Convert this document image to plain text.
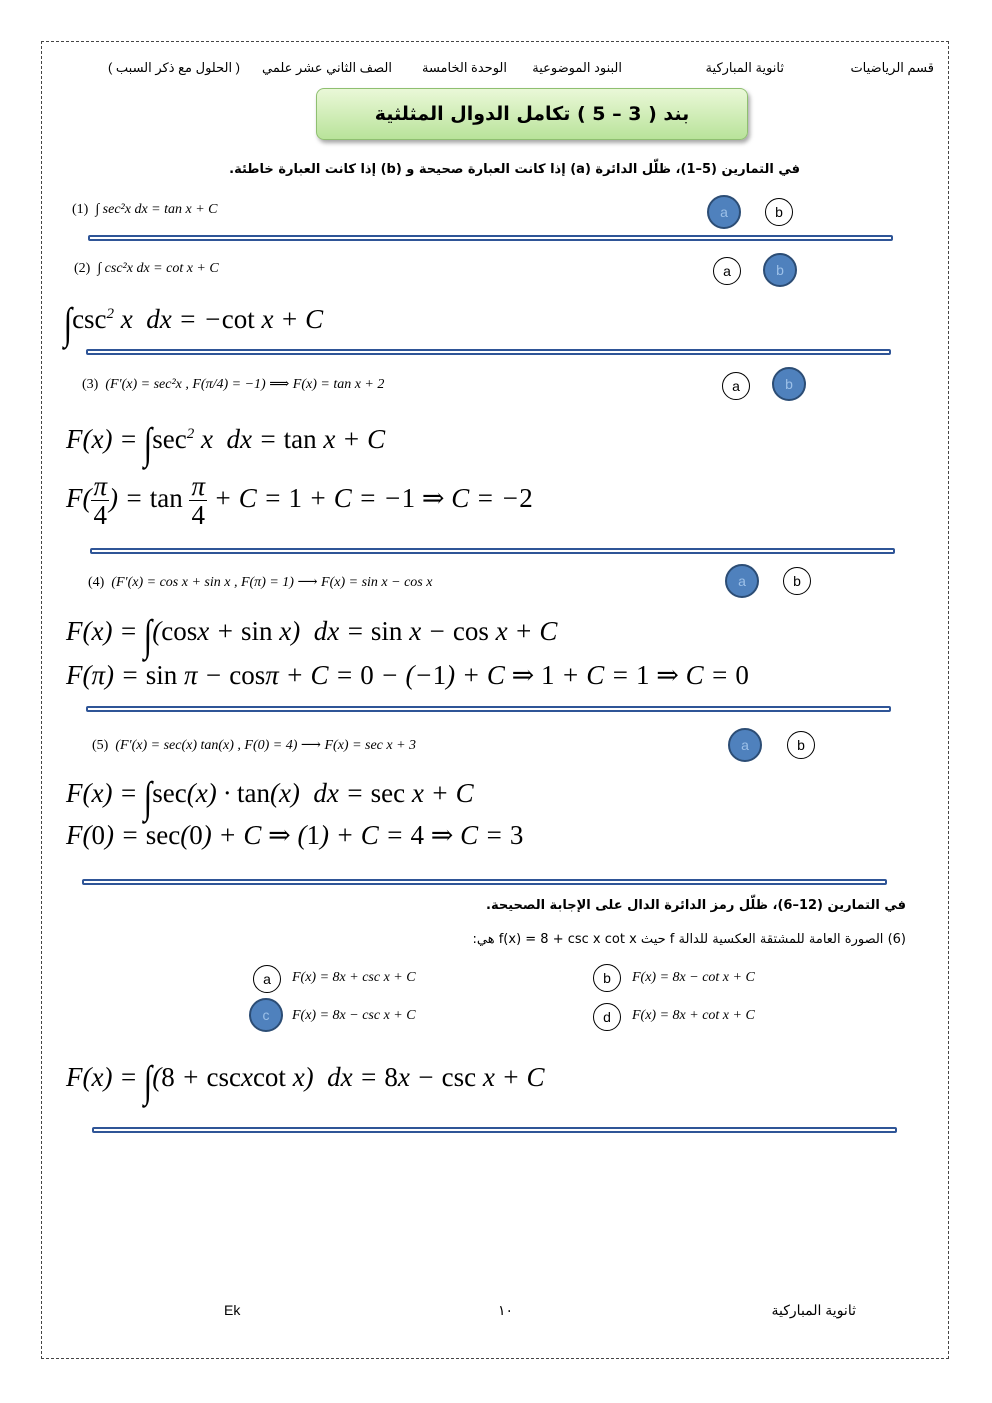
قسم الرياضيات
ثانوية المباركية
البنود الموضوعية
الوحدة الخامسة
الصف الثاني عشر علمي
( الحلول مع ذكر السبب )
بند ( 3 – 5 ) تكامل الدوال المثلثية
في التمارين (5–1)، ظلّل الدائرة (a) إذا كانت العبارة صحيحة و (b) إذا كانت العبارة خاطئة.
(1) ∫ sec²x dx = tan x + C	a	b
(2) ∫ csc²x dx = cot x + C	a	b
$\int\csc^2$ x  dx = −cot x + C
(3) (F′(x) = sec²x , F(π/4) = −1) ⟹ F(x) = tan x + 2	a	b
$F(x) = \int\sec^2$ x  dx = tan x + C
$F( \frac{\pi}{4}$ ) = $\tan \frac{\pi}{4} + C = 1 + C = -1$ ⇒ C = −2
(4) (F′(x) = cos x + sin x , F(π) = 1) ⟶ F(x) = sin x − cos x	a	b
F(x) = ∫(cosx + sin x)  dx = sin x − cos x + C
F(π) = sin π − cosπ + C = 0 − (−1) + C ⇒ 1 + C = 1 ⇒ C = 0
(5) (F′(x) = sec(x) tan(x) , F(0) = 4) ⟶ F(x) = sec x + 3	a	b
F(x) = ∫sec(x) · tan(x)  dx = sec x + C
F(0) = sec(0) + C ⇒ (1) + C = 4 ⇒ C = 3
في التمارين (12–6)، ظلّل رمز الدائرة الدال على الإجابة الصحيحة.
(6) الصورة العامة للمشتقة العكسية للدالة f حيث f(x) = 8 + csc x cot x هي:
a	F(x) = 8x + csc x + C	b	F(x) = 8x − cot x + C
c	F(x) = 8x − csc x + C	d	F(x) = 8x + cot x + C
F(x) = ∫(8 + cscxcot x)  dx = 8x − csc x + C
ثانوية المباركية
١٠
Ek
